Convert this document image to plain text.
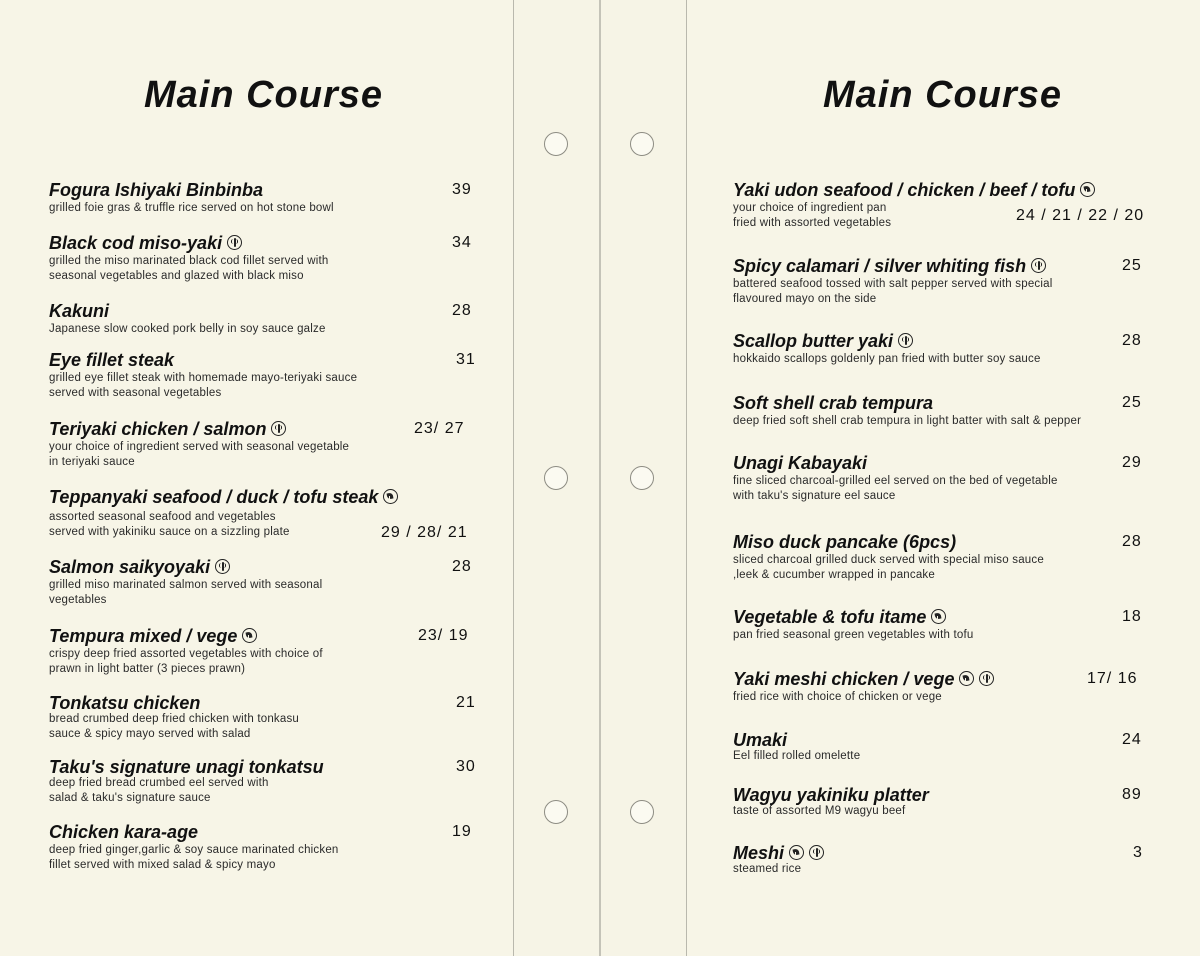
Main Course	Main Course
Fogura Ishiyaki Binbinba
grilled foie gras & truffle rice served on hot stone bowl
39
Black cod miso-yaki
grilled the miso marinated black cod fillet served with
seasonal vegetables and glazed with black miso
34
Kakuni
Japanese slow cooked pork belly in soy sauce galze
28
Eye fillet steak
grilled eye fillet steak with homemade mayo-teriyaki sauce
served with seasonal vegetables
31
Teriyaki chicken / salmon
your choice of ingredient served with seasonal vegetable
in teriyaki sauce
23/ 27
Teppanyaki seafood / duck / tofu steak
assorted seasonal seafood and vegetables
served with yakiniku sauce on a sizzling plate	29 / 28/ 21
Salmon saikyoyaki
grilled miso marinated salmon served with seasonal
vegetables
28
Tempura mixed / vege
crispy deep fried assorted vegetables with choice of
prawn in light batter (3 pieces prawn)
23/ 19
Tonkatsu chicken
bread crumbed deep fried chicken with tonkasu
sauce & spicy mayo served with salad
21
Taku's signature unagi tonkatsu
deep fried bread crumbed eel served with
salad & taku's signature sauce
30
Chicken kara-age
deep fried ginger,garlic & soy sauce marinated chicken
fillet served with mixed salad & spicy mayo
19
Yaki udon seafood / chicken / beef / tofu
your choice of ingredient pan
fried with assorted vegetables	24 / 21 / 22 / 20
Spicy calamari / silver whiting fish
battered seafood tossed with salt pepper served with special
flavoured mayo on the side
25
Scallop butter yaki
hokkaido scallops goldenly pan fried with butter soy sauce
28
Soft shell crab tempura
deep fried soft shell crab tempura in light batter with salt & pepper
25
Unagi Kabayaki
fine sliced charcoal-grilled eel served on the bed of vegetable
with taku's signature eel sauce
29
Miso duck pancake (6pcs)
sliced charcoal grilled duck served with special miso sauce
,leek & cucumber wrapped in pancake
28
Vegetable & tofu itame
pan fried seasonal green vegetables with tofu
18
Yaki meshi chicken / vege
fried rice with choice of chicken or vege
17/ 16
Umaki
Eel filled rolled omelette
24
Wagyu yakiniku platter
taste of assorted M9 wagyu beef
89
Meshi
steamed rice
3
